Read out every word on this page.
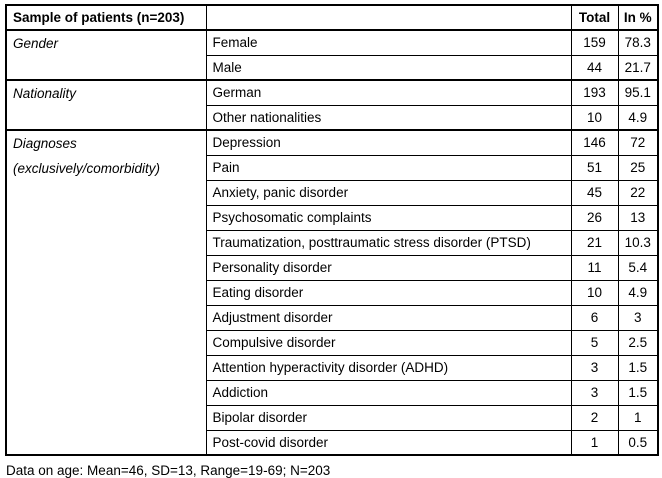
Sample of patients (n=203)		Total	In %
Gender	Female	159	78.3
	Male	44	21.7
Nationality	German	193	95.1
	Other nationalities	10	4.9
Diagnoses (exclusively/comorbidity)	Depression	146	72
	Pain	51	25
	Anxiety, panic disorder	45	22
	Psychosomatic complaints	26	13
	Traumatization, posttraumatic stress disorder (PTSD)	21	10.3
	Personality disorder	11	5.4
	Eating disorder	10	4.9
	Adjustment disorder	6	3
	Compulsive disorder	5	2.5
	Attention hyperactivity disorder (ADHD)	3	1.5
	Addiction	3	1.5
	Bipolar disorder	2	1
	Post-covid disorder	1	0.5
Data on age: Mean=46, SD=13, Range=19-69; N=203
